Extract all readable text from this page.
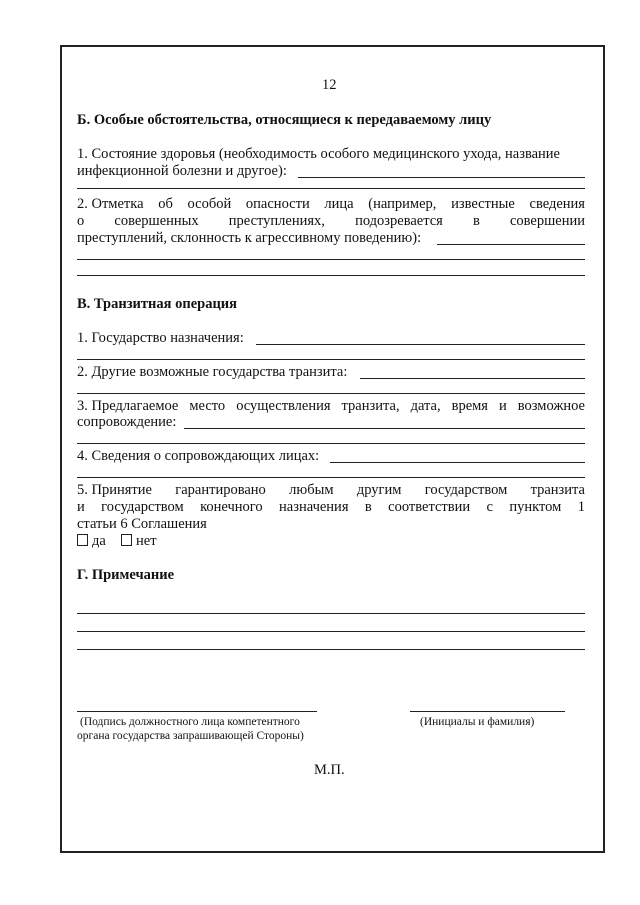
12
Б. Особые обстоятельства, относящиеся к передаваемому лицу
1. Состояние здоровья (необходимость особого медицинского ухода, название
инфекционной болезни и другое):
2. Отметка об особой опасности лица (например, известные сведения
о совершенных преступлениях, подозревается в совершении
преступлений, склонность к агрессивному поведению):
В. Транзитная операция
1. Государство назначения:
2. Другие возможные государства транзита:
3. Предлагаемое место осуществления транзита, дата, время и возможное
сопровождение:
4. Сведения о сопровождающих лицах:
5. Принятие гарантировано любым другим государством транзита
и государством конечного назначения в соответствии с пунктом 1
статьи 6 Соглашения
да	нет
Г. Примечание
(Подпись должностного лица компетентного
органа государства запрашивающей Стороны)
(Инициалы и фамилия)
М.П.
